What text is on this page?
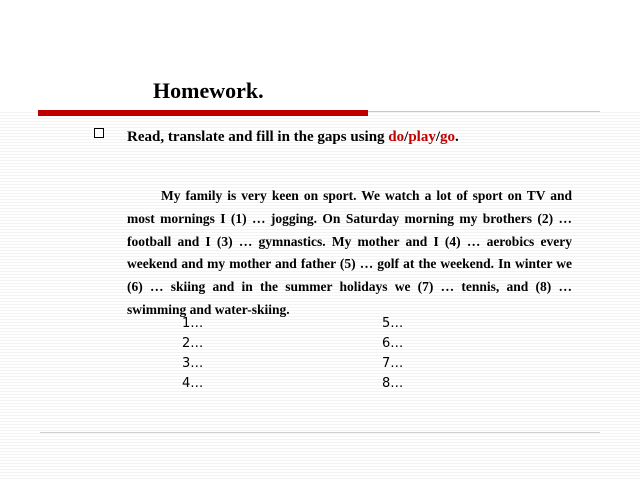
Homework.
Read, translate and fill in the gaps using do/play/go.
My family is very keen on sport. We watch a lot of sport on TV and most mornings I (1) … jogging. On Saturday morning my brothers (2) … football and I (3) … gymnastics. My mother and I (4) … aerobics every weekend and my mother and father (5) … golf at the weekend. In winter we (6) … skiing and in the summer holidays we (7) … tennis, and (8) … swimming and water-skiing.
1…
2…
3…
4…
5…
6…
7…
8…
